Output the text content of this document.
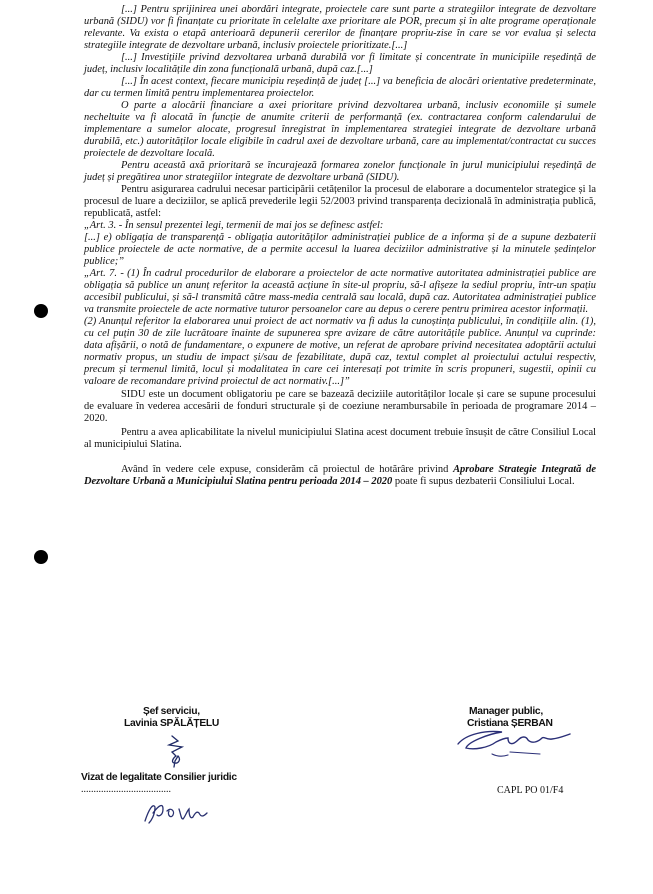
[...] Pentru sprijinirea unei abordări integrate, proiectele care sunt parte a strategiilor integrate de dezvoltare urbană (SIDU) vor fi finanțate cu prioritate în celelalte axe prioritare ale POR, precum și în alte programe operaționale relevante. Va exista o etapă anterioară depunerii cererilor de finanțare propriu-zise în care se vor evalua și selecta strategiile integrate de dezvoltare urbană, inclusiv proiectele prioritizate.[...]

[...] Investițiile privind dezvoltarea urbană durabilă vor fi limitate și concentrate în municipiile reședință de județ, inclusiv localitățile din zona funcțională urbană, după caz.[...]

[...] În acest context, fiecare municipiu reședință de județ [...] va beneficia de alocări orientative predeterminate, dar cu termen limită pentru implementarea proiectelor.

O parte a alocării financiare a axei prioritare privind dezvoltarea urbană, inclusiv economiile și sumele necheltuite va fi alocată în funcție de anumite criterii de performanță (ex. contractarea conform calendarului de implementare a sumelor alocate, progresul înregistrat în implementarea strategiei integrate de dezvoltare urbană durabilă, etc.) autorităților locale eligibile în cadrul axei de dezvoltare urbană, care au implementat/contractat cu succes proiectele de dezvoltare locală.

Pentru această axă prioritară se încurajează formarea zonelor funcționale în jurul municipiului reședință de județ și pregătirea unor strategiilor integrate de dezvoltare urbană (SIDU).

Pentru asigurarea cadrului necesar participării cetățenilor la procesul de elaborare a documentelor strategice și la procesul de luare a deciziilor, se aplică prevederile legii 52/2003 privind transparența decizională în administrația publică, republicată, astfel:

„Art. 3. - În sensul prezentei legi, termenii de mai jos se definesc astfel:

[...] e) obligația de transparență - obligația autorităților administrației publice de a informa și de a supune dezbaterii publice proiectele de acte normative, de a permite accesul la luarea deciziilor administrative și la minutele ședințelor publice;”

„Art. 7. - (1) În cadrul procedurilor de elaborare a proiectelor de acte normative autoritatea administrației publice are obligația să publice un anunț referitor la această acțiune în site-ul propriu, să-l afișeze la sediul propriu, într-un spațiu accesibil publicului, și să-l transmită către mass-media centrală sau locală, după caz. Autoritatea administrației publice va transmite proiectele de acte normative tuturor persoanelor care au depus o cerere pentru primirea acestor informații.

(2) Anunțul referitor la elaborarea unui proiect de act normativ va fi adus la cunoștința publicului, în condițiile alin. (1), cu cel puțin 30 de zile lucrătoare înainte de supunerea spre avizare de către autoritățile publice. Anunțul va cuprinde: data afișării, o notă de fundamentare, o expunere de motive, un referat de aprobare privind necesitatea adoptării actului normativ propus, un studiu de impact și/sau de fezabilitate, după caz, textul complet al proiectului actului respectiv, precum și termenul limită, locul și modalitatea în care cei interesați pot trimite în scris propuneri, sugestii, opinii cu valoare de recomandare privind proiectul de act normativ.[...]”

SIDU este un document obligatoriu pe care se bazează deciziile autorităților locale și care se supune procesului de evaluare în vederea accesării de fonduri structurale și de coeziune nerambursabile în perioada de programare 2014 – 2020.

Pentru a avea aplicabilitate la nivelul municipiului Slatina acest document trebuie însușit de către Consiliul Local al municipiului Slatina.

Având în vedere cele expuse, considerăm că proiectul de hotărâre privind Aprobare Strategie Integrată de Dezvoltare Urbană a Municipiului Slatina pentru perioada 2014 – 2020 poate fi supus dezbaterii Consiliului Local.

Șef serviciu,
Lavinia SPĂLĂȚELU
Manager public,
Cristiana ȘERBAN
Vizat de legalitate Consilier juridic
....................................	CAPL PO 01/F4
